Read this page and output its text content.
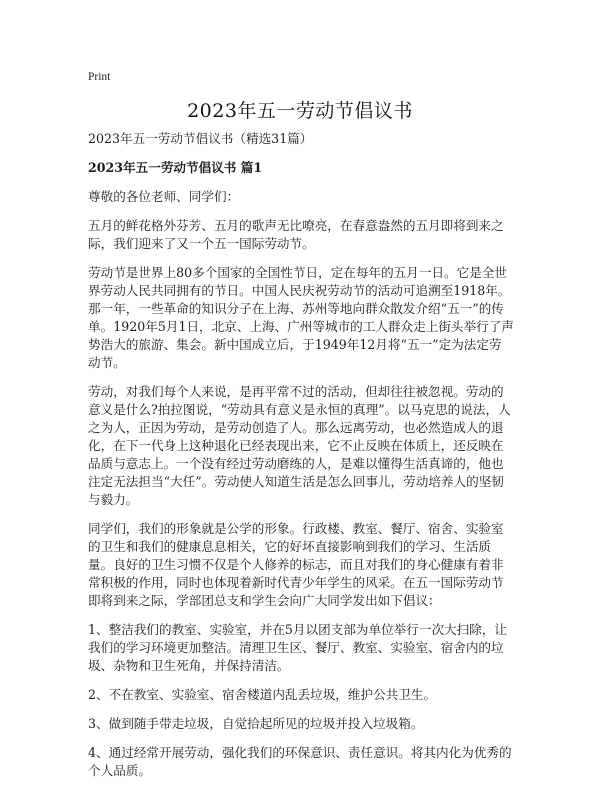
Print
2023年五一劳动节倡议书

2023年五一劳动节倡议书（精选31篇）

2023年五一劳动节倡议书 篇1

尊敬的各位老师、同学们：

五月的鲜花格外芬芳、五月的歌声无比嘹亮，在春意盎然的五月即将到来之际，我们迎来了又一个五一国际劳动节。

劳动节是世界上80多个国家的全国性节日，定在每年的五月一日。它是全世界劳动人民共同拥有的节日。中国人民庆祝劳动节的活动可追溯至1918年。那一年，一些革命的知识分子在上海、苏州等地向群众散发介绍“五一”的传单。1920年5月1日，北京、上海、广州等城市的工人群众走上街头举行了声势浩大的旅游、集会。新中国成立后，于1949年12月将“五一”定为法定劳动节。

劳动，对我们每个人来说，是再平常不过的活动，但却往往被忽视。劳动的意义是什么?拍拉图说，“劳动具有意义是永恒的真理”。以马克思的说法，人之为人，正因为劳动，是劳动创造了人。那么远离劳动，也必然造成人的退化，在下一代身上这种退化已经表现出来，它不止反映在体质上，还反映在品质与意志上。一个没有经过劳动磨练的人，是难以懂得生活真谛的，他也注定无法担当“大任”。劳动使人知道生活是怎么回事儿，劳动培养人的坚韧与毅力。

同学们，我们的形象就是公学的形象。行政楼、教室、餐厅、宿舍、实验室的卫生和我们的健康息息相关，它的好坏直接影响到我们的学习、生活质量。良好的卫生习惯不仅是个人修养的标志，而且对我们的身心健康有着非常积极的作用，同时也体现着新时代青少年学生的风采。在五一国际劳动节即将到来之际，学部团总支和学生会向广大同学发出如下倡议：

1、整洁我们的教室、实验室，并在5月以团支部为单位举行一次大扫除，让我们的学习环境更加整洁。清理卫生区、餐厅、教室、实验室、宿舍内的垃圾、杂物和卫生死角，并保持清洁。

2、不在教室、实验室、宿舍楼道内乱丢垃圾，维护公共卫生。

3、做到随手带走垃圾，自觉拾起所见的垃圾并投入垃圾箱。

4、通过经常开展劳动，强化我们的环保意识、责任意识。将其内化为优秀的个人品质。
